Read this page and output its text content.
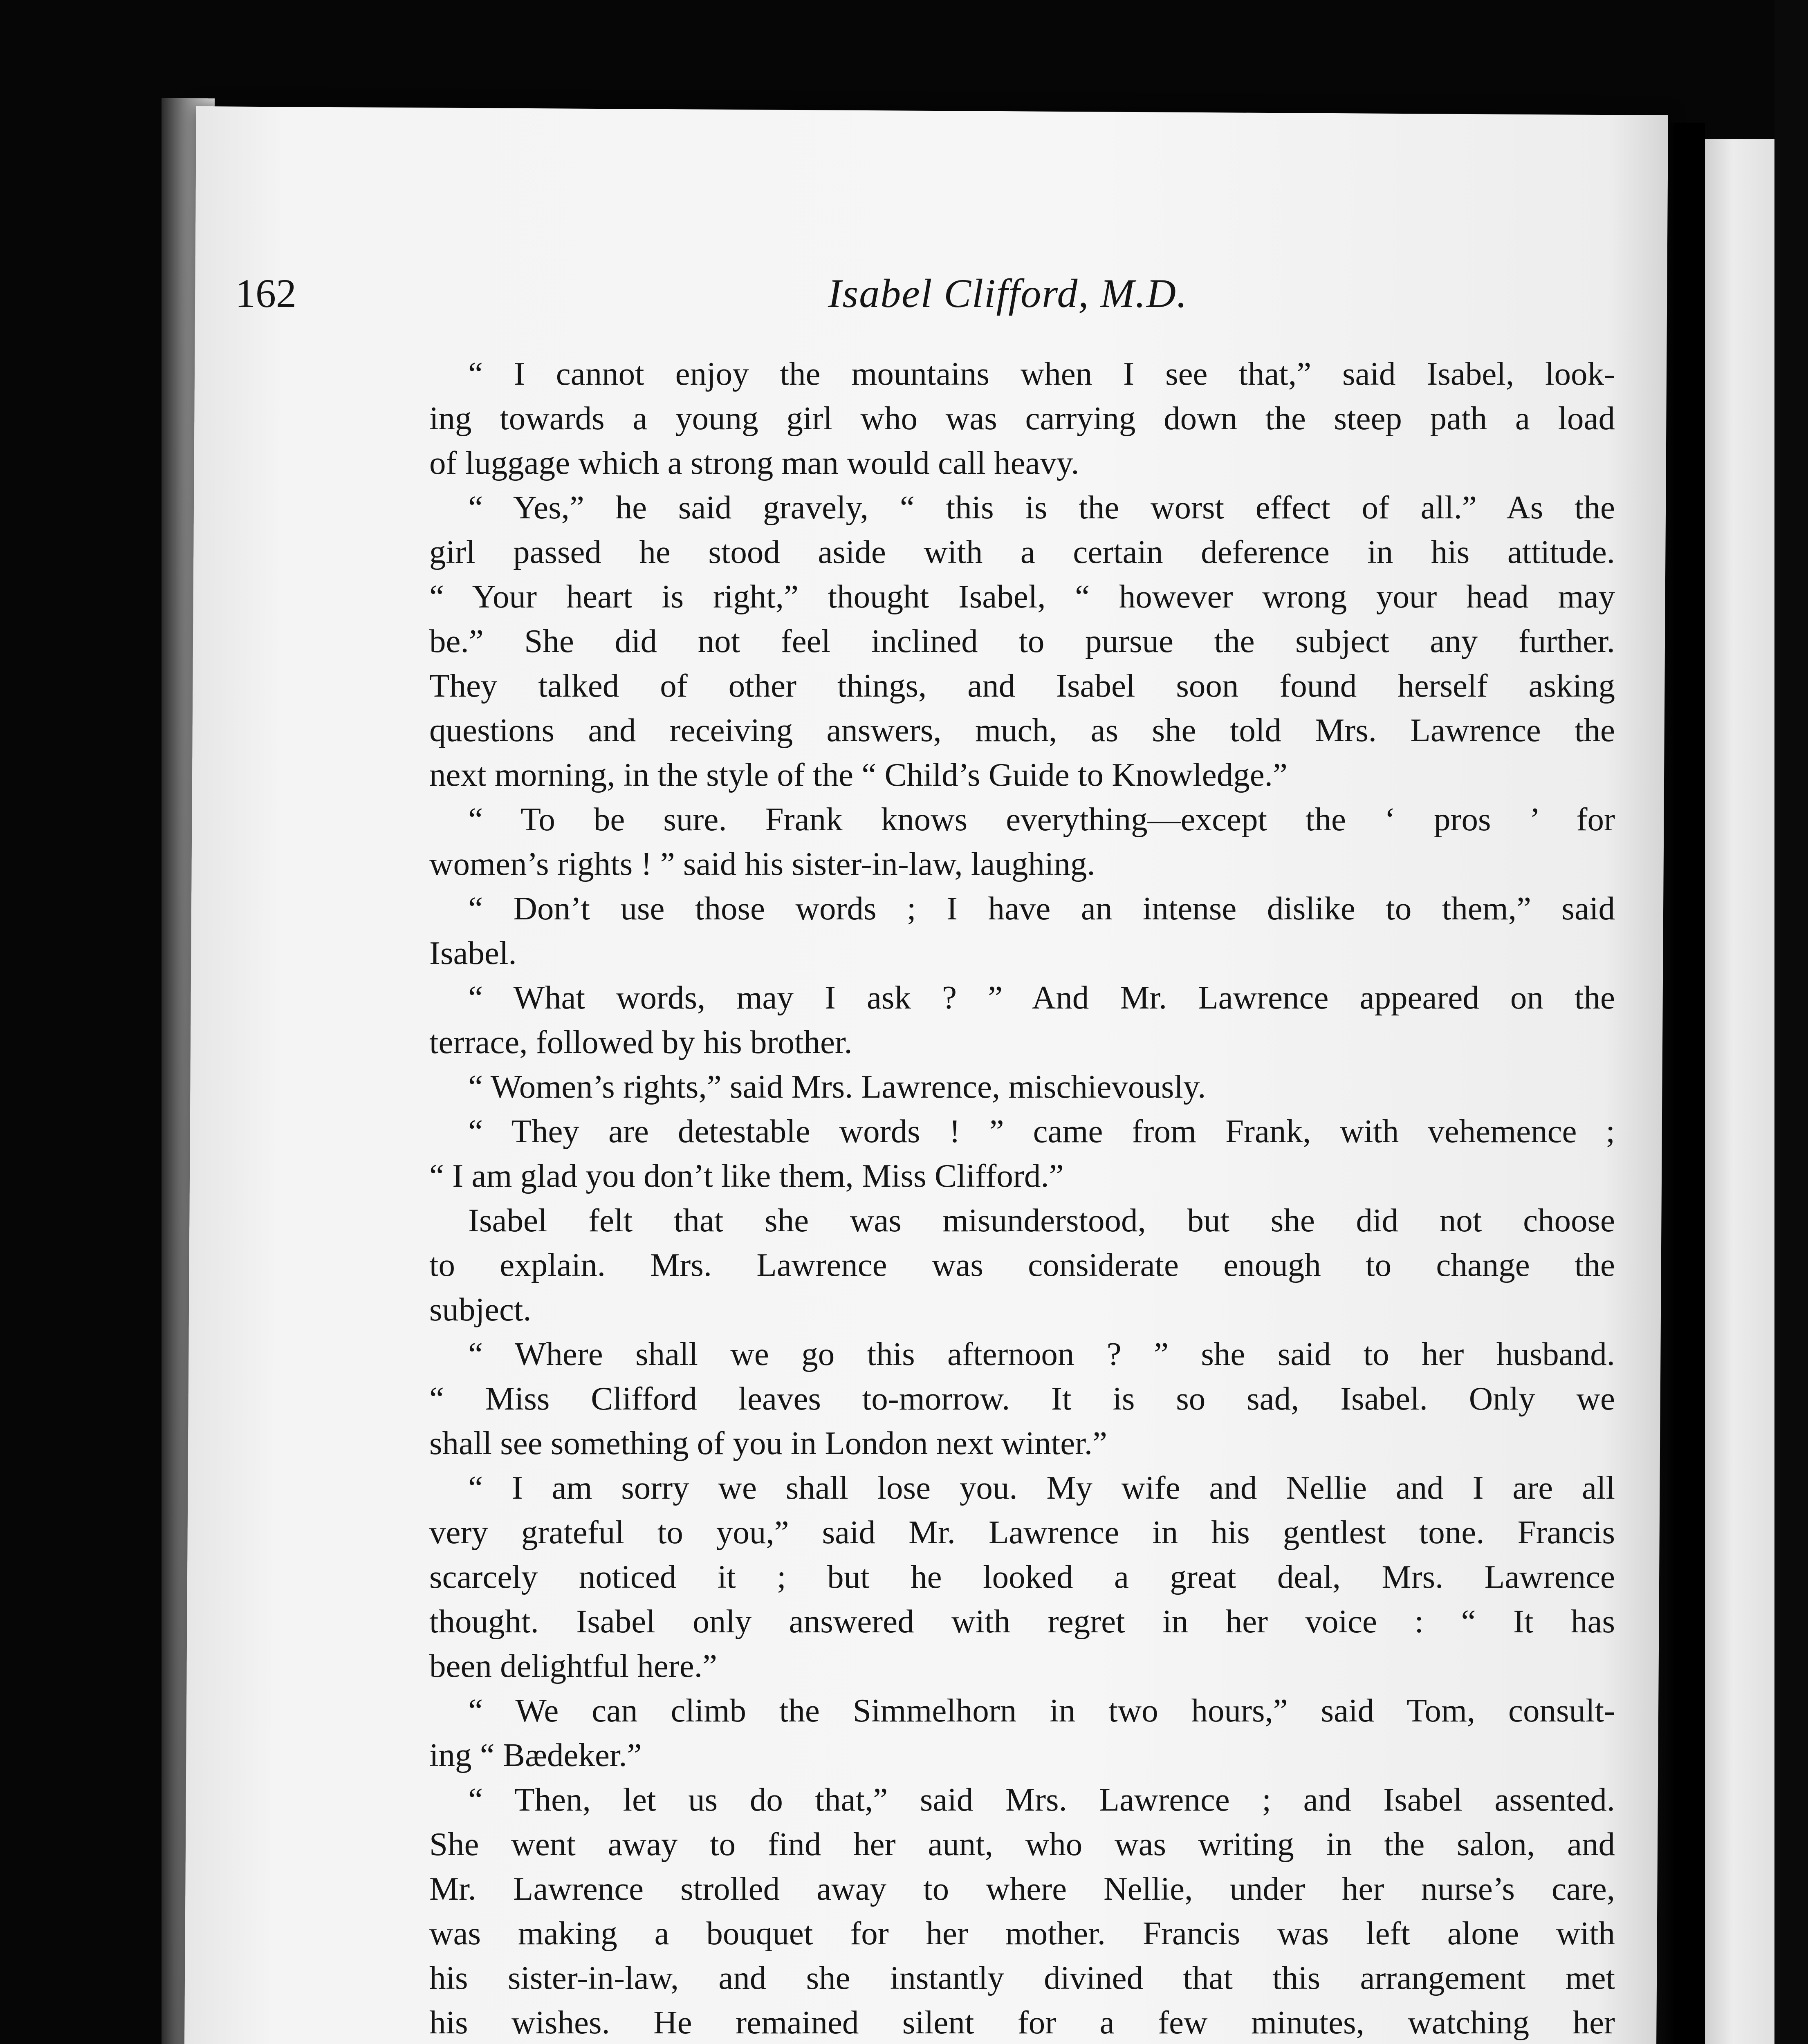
162	Isabel Clifford, M.D.
“ I cannot enjoy the mountains when I see that,” said Isabel, look-
ing towards a young girl who was carrying down the steep path a load
of luggage which a strong man would call heavy.
“ Yes,” he said gravely, “ this is the worst effect of all.” As the
girl passed he stood aside with a certain deference in his attitude.
“ Your heart is right,” thought Isabel, “ however wrong your head may
be.” She did not feel inclined to pursue the subject any further.
They talked of other things, and Isabel soon found herself asking
questions and receiving answers, much, as she told Mrs. Lawrence the
next morning, in the style of the “ Child’s Guide to Knowledge.”
“ To be sure. Frank knows everything—except the ‘ pros ’ for
women’s rights ! ” said his sister-in-law, laughing.
“ Don’t use those words ; I have an intense dislike to them,” said
Isabel.
“ What words, may I ask ? ” And Mr. Lawrence appeared on the
terrace, followed by his brother.
“ Women’s rights,” said Mrs. Lawrence, mischievously.
“ They are detestable words ! ” came from Frank, with vehemence ;
“ I am glad you don’t like them, Miss Clifford.”
Isabel felt that she was misunderstood, but she did not choose
to explain. Mrs. Lawrence was considerate enough to change the
subject.
“ Where shall we go this afternoon ? ” she said to her husband.
“ Miss Clifford leaves to-morrow. It is so sad, Isabel. Only we
shall see something of you in London next winter.”
“ I am sorry we shall lose you. My wife and Nellie and I are all
very grateful to you,” said Mr. Lawrence in his gentlest tone. Francis
scarcely noticed it ; but he looked a great deal, Mrs. Lawrence
thought. Isabel only answered with regret in her voice : “ It has
been delightful here.”
“ We can climb the Simmelhorn in two hours,” said Tom, consult-
ing “ Bædeker.”
“ Then, let us do that,” said Mrs. Lawrence ; and Isabel assented.
She went away to find her aunt, who was writing in the salon, and
Mr. Lawrence strolled away to where Nellie, under her nurse’s care,
was making a bouquet for her mother. Francis was left alone with
his sister-in-law, and she instantly divined that this arrangement met
his wishes. He remained silent for a few minutes, watching her
